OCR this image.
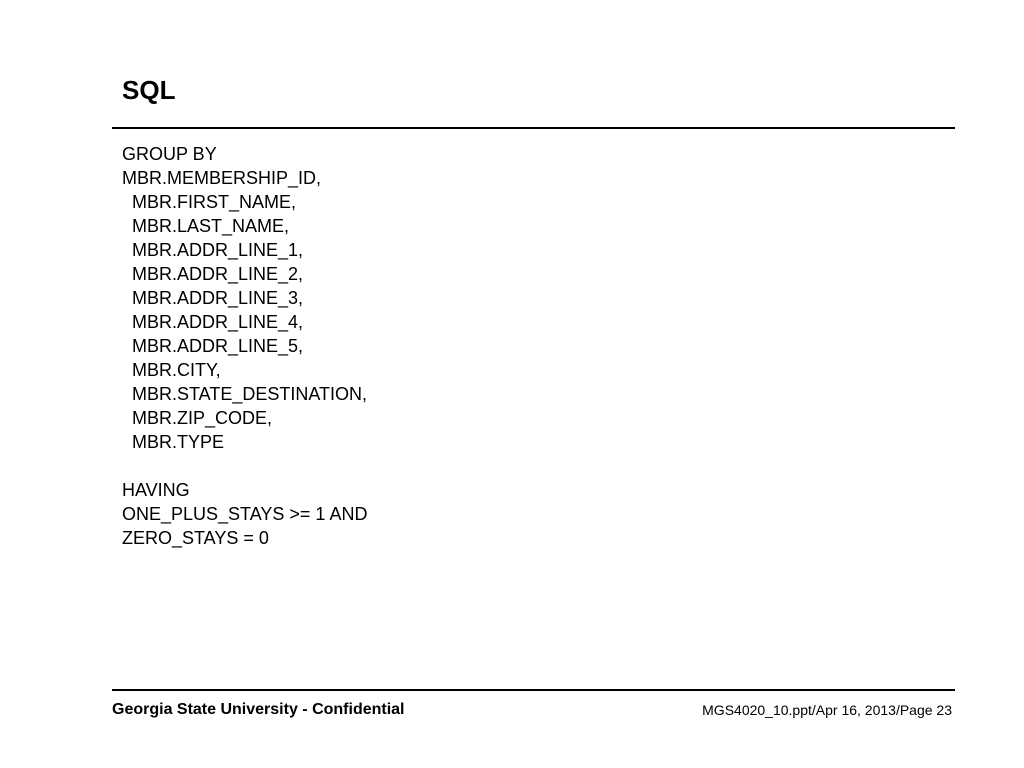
SQL
GROUP BY
MBR.MEMBERSHIP_ID,
MBR.FIRST_NAME,
MBR.LAST_NAME,
MBR.ADDR_LINE_1,
MBR.ADDR_LINE_2,
MBR.ADDR_LINE_3,
MBR.ADDR_LINE_4,
MBR.ADDR_LINE_5,
MBR.CITY,
MBR.STATE_DESTINATION,
MBR.ZIP_CODE,
MBR.TYPE
HAVING
ONE_PLUS_STAYS >= 1 AND
ZERO_STAYS = 0
Georgia State University - Confidential	MGS4020_10.ppt/Apr 16, 2013/Page 23
